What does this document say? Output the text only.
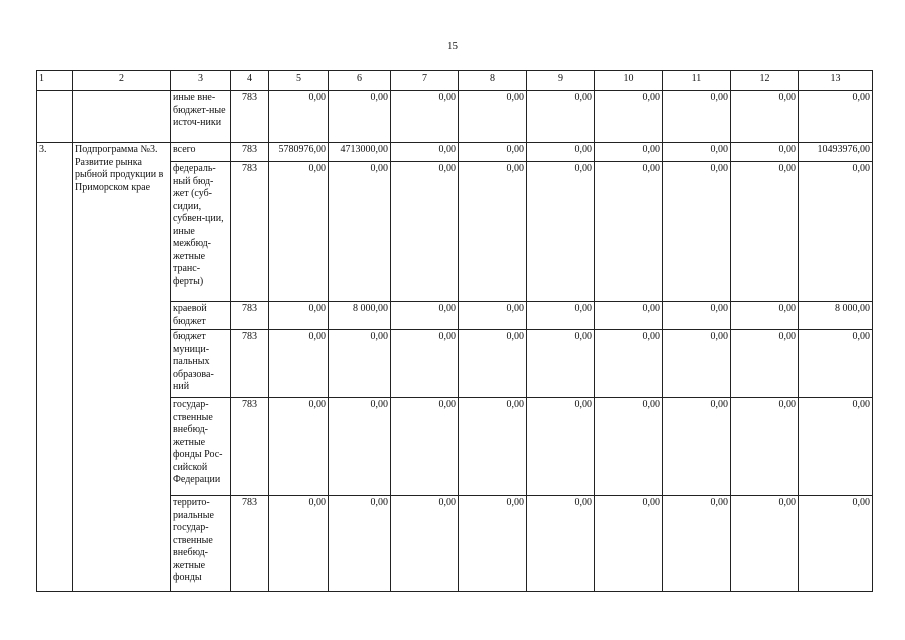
15
1	2	3	4	5	6	7	8	9	10	11	12	13
		иные вне-бюджет-ные источ-ники	783	0,00	0,00	0,00	0,00	0,00	0,00	0,00	0,00	0,00
3.	Подпрограмма №3. Развитие рынка рыбной продукции в Приморском крае	всего	783	5780976,00	4713000,00	0,00	0,00	0,00	0,00	0,00	0,00	10493976,00
		федераль-ный бюд-жет (суб-сидии, субвен-ции, иные межбюд-жетные транс-ферты)	783	0,00	0,00	0,00	0,00	0,00	0,00	0,00	0,00	0,00
		краевой бюджет	783	0,00	8 000,00	0,00	0,00	0,00	0,00	0,00	0,00	8 000,00
		бюджет муници-пальных образова-ний	783	0,00	0,00	0,00	0,00	0,00	0,00	0,00	0,00	0,00
		государ-ственные внебюд-жетные фонды Рос-сийской Федерации	783	0,00	0,00	0,00	0,00	0,00	0,00	0,00	0,00	0,00
		террито-риальные государ-ственные внебюд-жетные фонды	783	0,00	0,00	0,00	0,00	0,00	0,00	0,00	0,00	0,00
